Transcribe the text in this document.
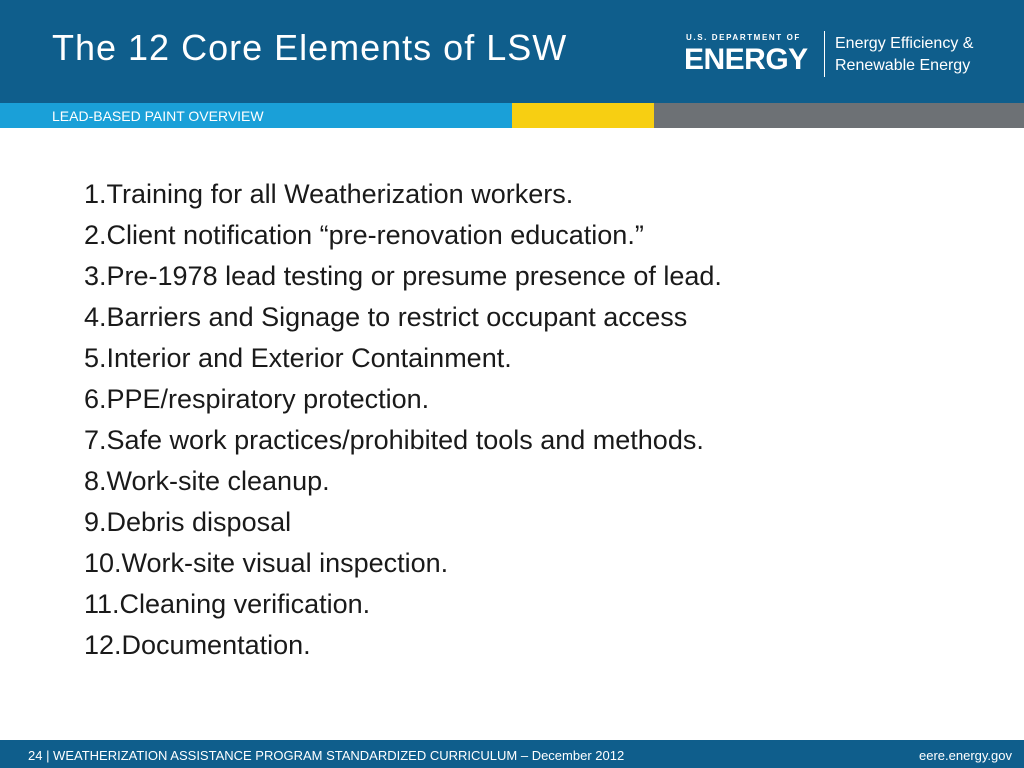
The 12 Core Elements of LSW	U.S. DEPARTMENT OF
ENERGY Energy Efficiency &
Renewable Energy
LEAD-BASED PAINT OVERVIEW
1.Training for all Weatherization workers.
2.Client notification “pre-renovation education.”
3.Pre-1978 lead testing or presume presence of lead.
4.Barriers and Signage to restrict occupant access
5.Interior and Exterior Containment.
6.PPE/respiratory protection.
7.Safe work practices/prohibited tools and methods.
8.Work-site cleanup.
9.Debris disposal
10.Work-site visual inspection.
11.Cleaning verification.
12.Documentation.
24 | WEATHERIZATION ASSISTANCE PROGRAM STANDARDIZED CURRICULUM – December 2012	eere.energy.gov
